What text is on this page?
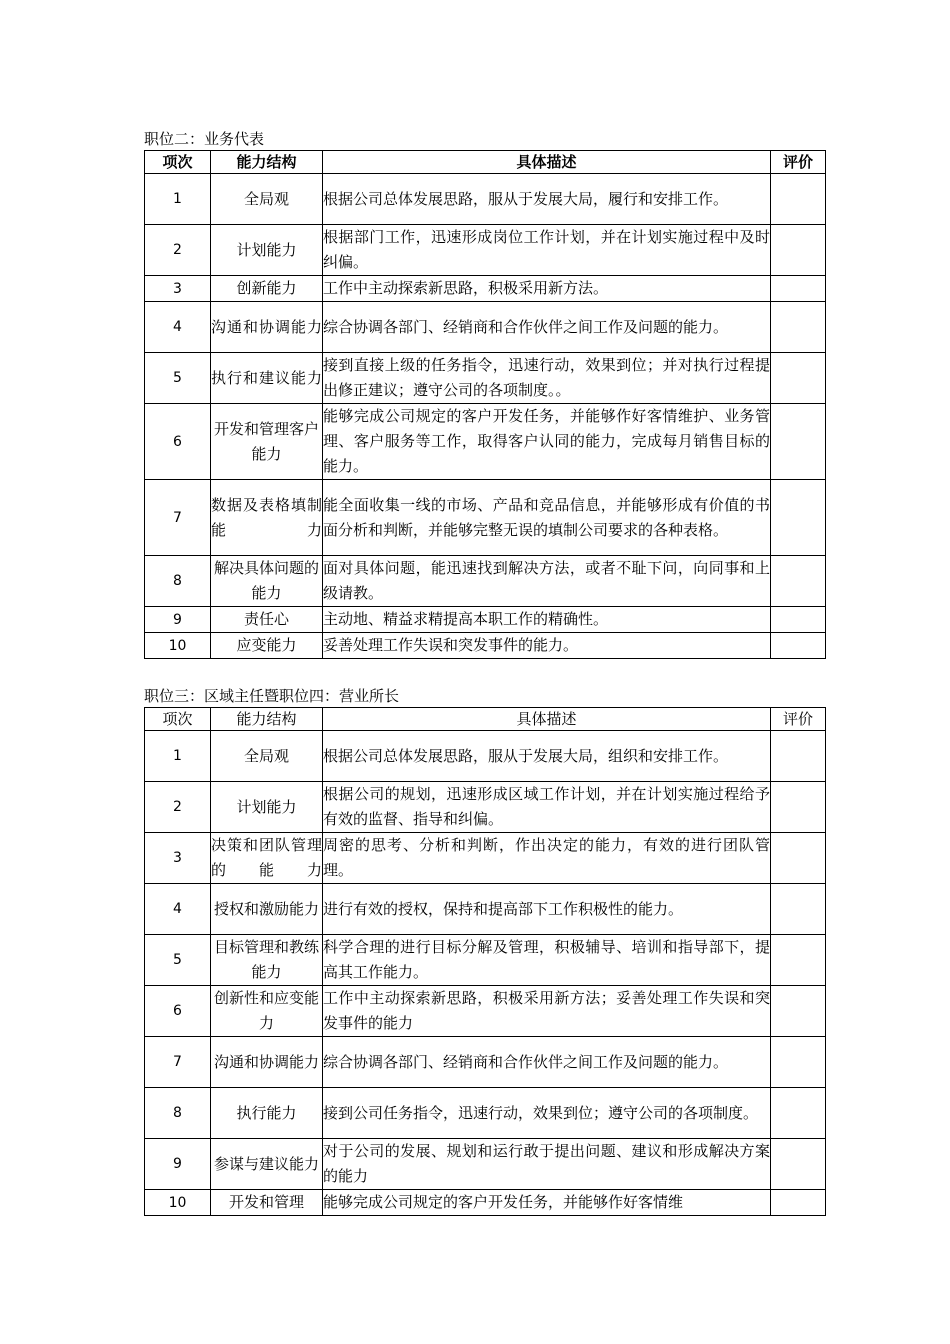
职位二：业务代表
项次	能力结构	具体描述	评价
1	全局观	根据公司总体发展思路，服从于发展大局，履行和安排工作。	
2	计划能力	根据部门工作，迅速形成岗位工作计划，并在计划实施过程中及时纠偏。	
3	创新能力	工作中主动探索新思路，积极采用新方法。	
4	沟通和协调能力	综合协调各部门、经销商和合作伙伴之间工作及问题的能力。	
5	执行和建议能力	接到直接上级的任务指令，迅速行动，效果到位；并对执行过程提出修正建议；遵守公司的各项制度。。	
6	开发和管理客户能力	能够完成公司规定的客户开发任务，并能够作好客情维护、业务管理、客户服务等工作，取得客户认同的能力，完成每月销售目标的能力。	
7	数据及表格填制能力	能全面收集一线的市场、产品和竞品信息，并能够形成有价值的书面分析和判断，并能够完整无误的填制公司要求的各种表格。	
8	解决具体问题的能力	面对具体问题，能迅速找到解决方法，或者不耻下问，向同事和上级请教。	
9	责任心	主动地、精益求精提高本职工作的精确性。	
10	应变能力	妥善处理工作失误和突发事件的能力。	
职位三：区域主任暨职位四：营业所长
项次	能力结构	具体描述	评价
1	全局观	根据公司总体发展思路，服从于发展大局，组织和安排工作。	
2	计划能力	根据公司的规划，迅速形成区域工作计划，并在计划实施过程给予有效的监督、指导和纠偏。	
3	决策和团队管理的能力	周密的思考、分析和判断，作出决定的能力，有效的进行团队管理。	
4	授权和激励能力	进行有效的授权，保持和提高部下工作积极性的能力。	
5	目标管理和教练能力	科学合理的进行目标分解及管理，积极辅导、培训和指导部下，提高其工作能力。	
6	创新性和应变能力	工作中主动探索新思路，积极采用新方法；妥善处理工作失误和突发事件的能力	
7	沟通和协调能力	综合协调各部门、经销商和合作伙伴之间工作及问题的能力。	
8	执行能力	接到公司任务指令，迅速行动，效果到位；遵守公司的各项制度。	
9	参谋与建议能力	对于公司的发展、规划和运行敢于提出问题、建议和形成解决方案的能力	
10	开发和管理	能够完成公司规定的客户开发任务，并能够作好客情维	
